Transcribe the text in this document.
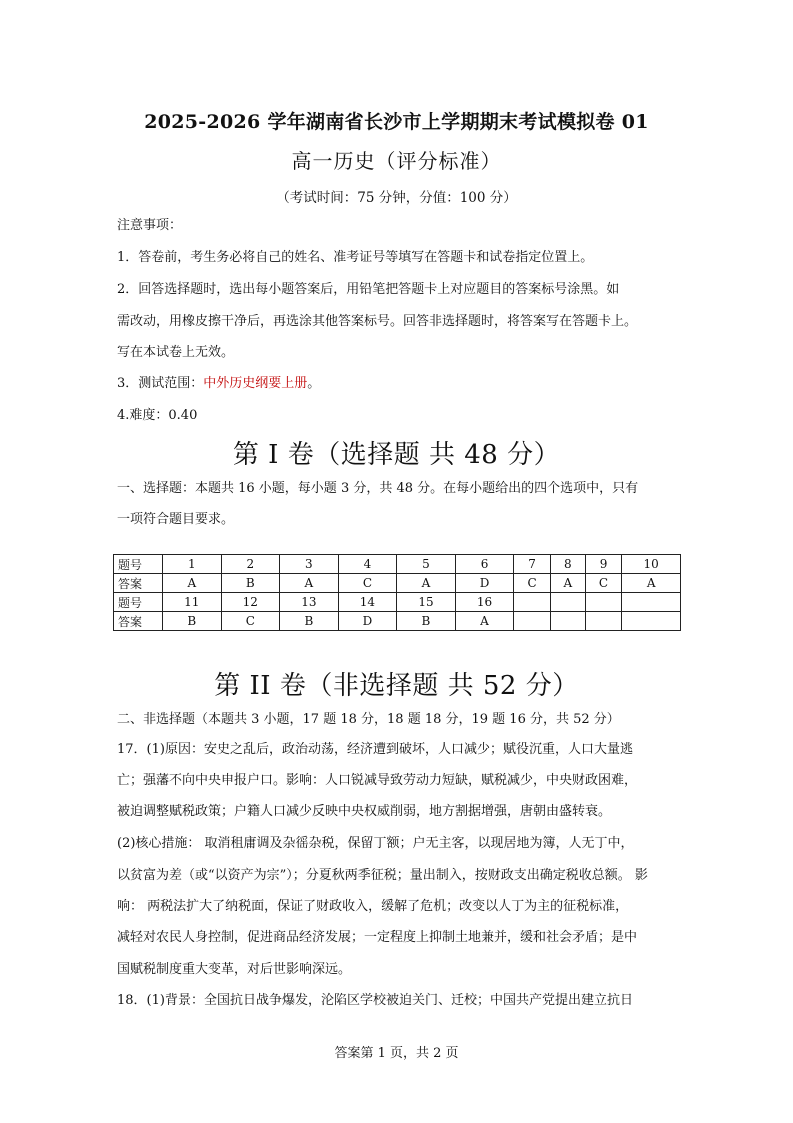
2025-2026 学年湖南省长沙市上学期期末考试模拟卷 01
高一历史（评分标准）
（考试时间：75 分钟，分值：100 分）
注意事项：
1．答卷前，考生务必将自己的姓名、准考证号等填写在答题卡和试卷指定位置上。
2．回答选择题时，选出每小题答案后，用铅笔把答题卡上对应题目的答案标号涂黑。如
需改动，用橡皮擦干净后，再选涂其他答案标号。回答非选择题时，将答案写在答题卡上。
写在本试卷上无效。
3．测试范围：中外历史纲要上册。
4.难度：0.40
第 I 卷（选择题 共 48 分）
一、选择题：本题共 16 小题，每小题 3 分，共 48 分。在每小题给出的四个选项中，只有
一项符合题目要求。
题号	1	2	3	4	5	6	7	8	9	10
答案	A	B	A	C	A	D	C	A	C	A
题号	11	12	13	14	15	16				
答案	B	C	B	D	B	A				
第 II 卷（非选择题 共 52 分）
二、非选择题（本题共 3 小题，17 题 18 分，18 题 18 分，19 题 16 分，共 52 分）
17．(1)原因：安史之乱后，政治动荡，经济遭到破坏，人口减少；赋役沉重，人口大量逃
亡；强藩不向中央申报户口。影响：人口锐减导致劳动力短缺，赋税减少，中央财政困难，
被迫调整赋税政策；户籍人口减少反映中央权威削弱，地方割据增强，唐朝由盛转衰。
(2)核心措施： 取消租庸调及杂徭杂税，保留丁额；户无主客，以现居地为簿，人无丁中，
以贫富为差（或“以资产为宗”）；分夏秋两季征税；量出制入，按财政支出确定税收总额。 影
响： 两税法扩大了纳税面，保证了财政收入，缓解了危机；改变以人丁为主的征税标准，
减轻对农民人身控制，促进商品经济发展；一定程度上抑制土地兼并，缓和社会矛盾；是中
国赋税制度重大变革，对后世影响深远。
18．(1)背景：全国抗日战争爆发，沦陷区学校被迫关门、迁校；中国共产党提出建立抗日
答案第 1 页，共 2 页
